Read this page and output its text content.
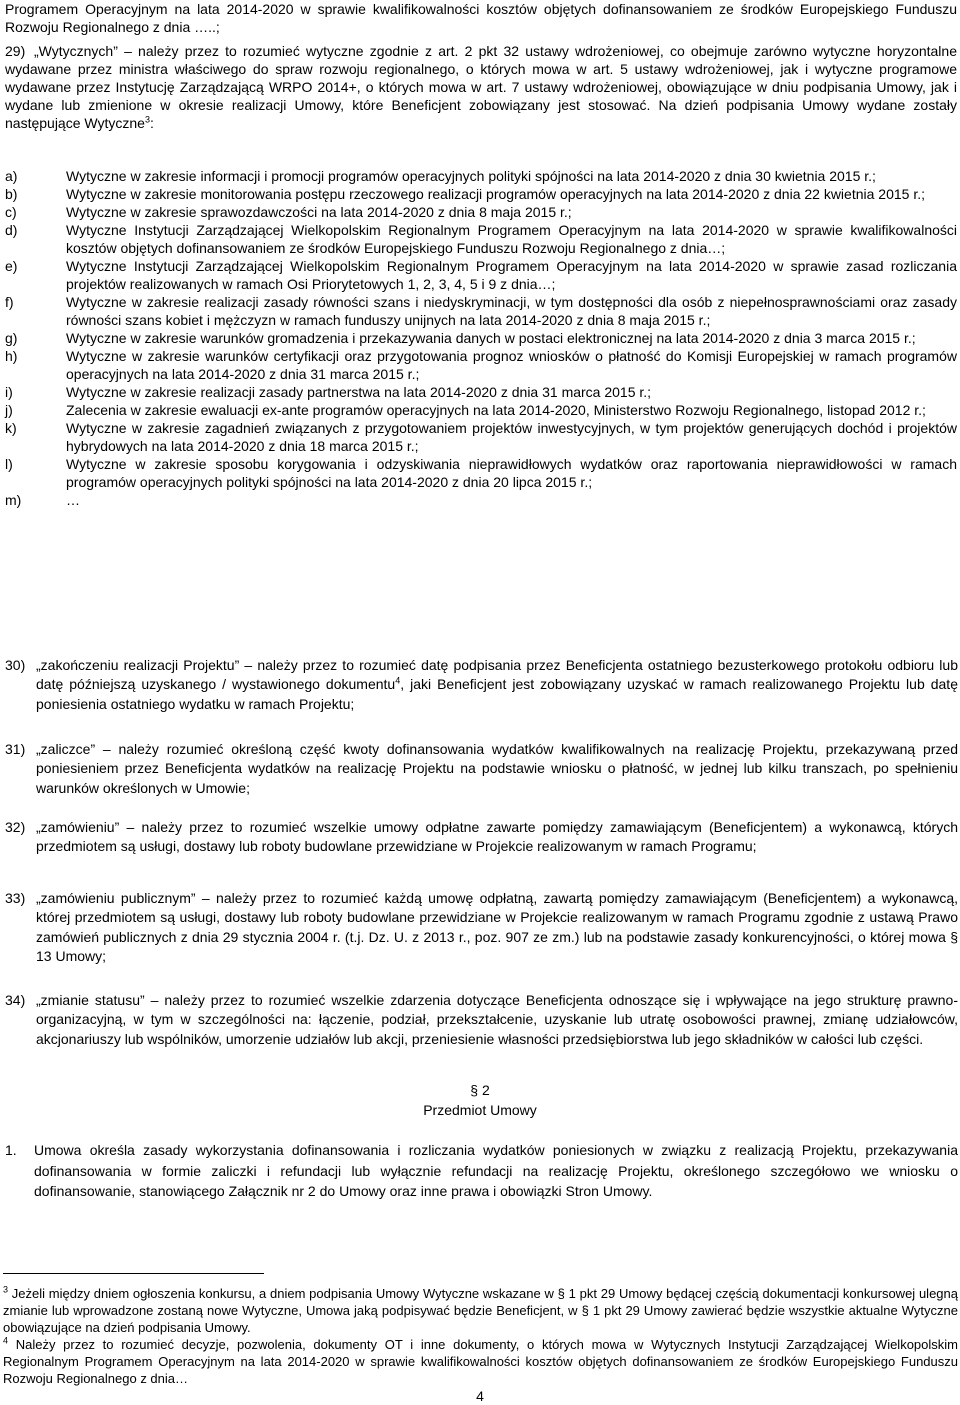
Programem Operacyjnym na lata 2014-2020 w sprawie kwalifikowalności kosztów objętych dofinansowaniem ze środków Europejskiego Funduszu Rozwoju Regionalnego z dnia …..;
29) „Wytycznych” – należy przez to rozumieć wytyczne zgodnie z art. 2 pkt 32 ustawy wdrożeniowej, co obejmuje zarówno wytyczne horyzontalne wydawane przez ministra właściwego do spraw rozwoju regionalnego, o których mowa w art. 5 ustawy wdrożeniowej, jak i wytyczne programowe wydawane przez Instytucję Zarządzającą WRPO 2014+, o których mowa w art. 7 ustawy wdrożeniowej, obowiązujące w dniu podpisania Umowy, jak i wydane lub zmienione w okresie realizacji Umowy, które Beneficjent zobowiązany jest stosować. Na dzień podpisania Umowy wydane zostały następujące Wytyczne$^3$:
a)	Wytyczne w zakresie informacji i promocji programów operacyjnych polityki spójności na lata 2014-2020 z dnia 30 kwietnia 2015 r.;
b)	Wytyczne w zakresie monitorowania postępu rzeczowego realizacji programów operacyjnych na lata 2014-2020 z dnia 22 kwietnia 2015 r.;
c)	Wytyczne w zakresie sprawozdawczości na lata 2014-2020 z dnia 8 maja 2015 r.;
d)	Wytyczne Instytucji Zarządzającej Wielkopolskim Regionalnym Programem Operacyjnym na lata 2014-2020 w sprawie kwalifikowalności kosztów objętych dofinansowaniem ze środków Europejskiego Funduszu Rozwoju Regionalnego z dnia…;
e)	Wytyczne Instytucji Zarządzającej Wielkopolskim Regionalnym Programem Operacyjnym na lata 2014-2020 w sprawie zasad rozliczania projektów realizowanych w ramach Osi Priorytetowych 1, 2, 3, 4, 5 i 9 z dnia…;
f)	Wytyczne w zakresie realizacji zasady równości szans i niedyskryminacji, w tym dostępności dla osób z niepełnosprawnościami oraz zasady równości szans kobiet i mężczyzn w ramach funduszy unijnych na lata 2014-2020 z dnia 8 maja 2015 r.;
g)	Wytyczne w zakresie warunków gromadzenia i przekazywania danych w postaci elektronicznej na lata 2014-2020 z dnia 3 marca 2015 r.;
h)	Wytyczne w zakresie warunków certyfikacji oraz przygotowania prognoz wniosków o płatność do Komisji Europejskiej w ramach programów operacyjnych na lata 2014-2020 z dnia 31 marca 2015 r.;
i)	Wytyczne w zakresie realizacji zasady partnerstwa na lata 2014-2020 z dnia 31 marca 2015 r.;
j)	Zalecenia w zakresie ewaluacji ex-ante programów operacyjnych na lata 2014-2020, Ministerstwo Rozwoju Regionalnego, listopad 2012 r.;
k)	Wytyczne w zakresie zagadnień związanych z przygotowaniem projektów inwestycyjnych, w tym projektów generujących dochód i projektów hybrydowych na lata 2014-2020 z dnia 18 marca 2015 r.;
l)	Wytyczne w zakresie sposobu korygowania i odzyskiwania nieprawidłowych wydatków oraz raportowania nieprawidłowości w ramach programów operacyjnych polityki spójności na lata 2014-2020 z dnia 20 lipca 2015 r.;
m)	…
30) „zakończeniu realizacji Projektu” – należy przez to rozumieć datę podpisania przez Beneficjenta ostatniego bezusterkowego protokołu odbioru lub datę późniejszą uzyskanego / wystawionego dokumentu$^4$, jaki Beneficjent jest zobowiązany uzyskać w ramach realizowanego Projektu lub datę poniesienia ostatniego wydatku w ramach Projektu;
31) „zaliczce” – należy rozumieć określoną część kwoty dofinansowania wydatków kwalifikowalnych na realizację Projektu, przekazywaną przed poniesieniem przez Beneficjenta wydatków na realizację Projektu na podstawie wniosku o płatność, w jednej lub kilku transzach, po spełnieniu warunków określonych w Umowie;
32) „zamówieniu” – należy przez to rozumieć wszelkie umowy odpłatne zawarte pomiędzy zamawiającym (Beneficjentem) a wykonawcą, których przedmiotem są usługi, dostawy lub roboty budowlane przewidziane w Projekcie realizowanym w ramach Programu;
33) „zamówieniu publicznym” – należy przez to rozumieć każdą umowę odpłatną, zawartą pomiędzy zamawiającym (Beneficjentem) a wykonawcą, której przedmiotem są usługi, dostawy lub roboty budowlane przewidziane w Projekcie realizowanym w ramach Programu zgodnie z ustawą Prawo zamówień publicznych z dnia 29 stycznia 2004 r. (t.j. Dz. U. z 2013 r., poz. 907 ze zm.) lub na podstawie zasady konkurencyjności, o której mowa § 13 Umowy;
34) „zmianie statusu” – należy przez to rozumieć wszelkie zdarzenia dotyczące Beneficjenta odnoszące się i wpływające na jego strukturę prawno-organizacyjną, w tym w szczególności na: łączenie, podział, przekształcenie, uzyskanie lub utratę osobowości prawnej, zmianę udziałowców, akcjonariuszy lub wspólników, umorzenie udziałów lub akcji, przeniesienie własności przedsiębiorstwa lub jego składników w całości lub części.
§ 2
Przedmiot Umowy
1.	Umowa określa zasady wykorzystania dofinansowania i rozliczania wydatków poniesionych w związku z realizacją Projektu, przekazywania dofinansowania w formie zaliczki i refundacji lub wyłącznie refundacji na realizację Projektu, określonego szczegółowo we wniosku o dofinansowanie, stanowiącego Załącznik nr 2 do Umowy oraz inne prawa i obowiązki Stron Umowy.
$^3$ Jeżeli między dniem ogłoszenia konkursu, a dniem podpisania Umowy Wytyczne wskazane w § 1 pkt 29 Umowy będącej częścią dokumentacji konkursowej ulegną zmianie lub wprowadzone zostaną nowe Wytyczne, Umowa jaką podpisywać będzie Beneficjent, w § 1 pkt 29 Umowy zawierać będzie wszystkie aktualne Wytyczne obowiązujące na dzień podpisania Umowy.
$^4$ Należy przez to rozumieć decyzje, pozwolenia, dokumenty OT i inne dokumenty, o których mowa w Wytycznych Instytucji Zarządzającej Wielkopolskim Regionalnym Programem Operacyjnym na lata 2014-2020 w sprawie kwalifikowalności kosztów objętych dofinansowaniem ze środków Europejskiego Funduszu Rozwoju Regionalnego z dnia…
4
